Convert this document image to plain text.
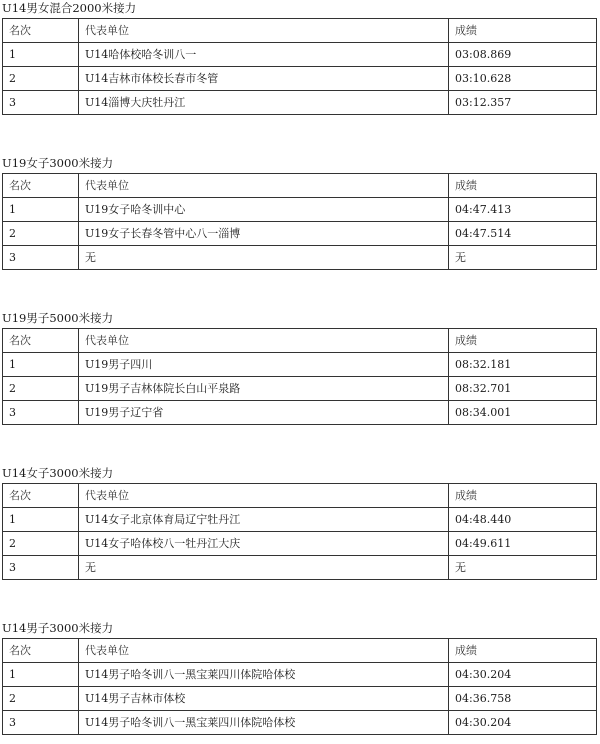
U14男女混合2000米接力
名次	代表单位	成绩
1	U14哈体校哈冬训八一	03:08.869
2	U14吉林市体校长春市冬管	03:10.628
3	U14淄博大庆牡丹江	03:12.357
U19女子3000米接力
名次	代表单位	成绩
1	U19女子哈冬训中心	04:47.413
2	U19女子长春冬管中心八一淄博	04:47.514
3	无	无
U19男子5000米接力
名次	代表单位	成绩
1	U19男子四川	08:32.181
2	U19男子吉林体院长白山平泉路	08:32.701
3	U19男子辽宁省	08:34.001
U14女子3000米接力
名次	代表单位	成绩
1	U14女子北京体育局辽宁牡丹江	04:48.440
2	U14女子哈体校八一牡丹江大庆	04:49.611
3	无	无
U14男子3000米接力
名次	代表单位	成绩
1	U14男子哈冬训八一黑宝莱四川体院哈体校	04:30.204
2	U14男子吉林市体校	04:36.758
3	U14男子哈冬训八一黑宝莱四川体院哈体校	04:30.204
